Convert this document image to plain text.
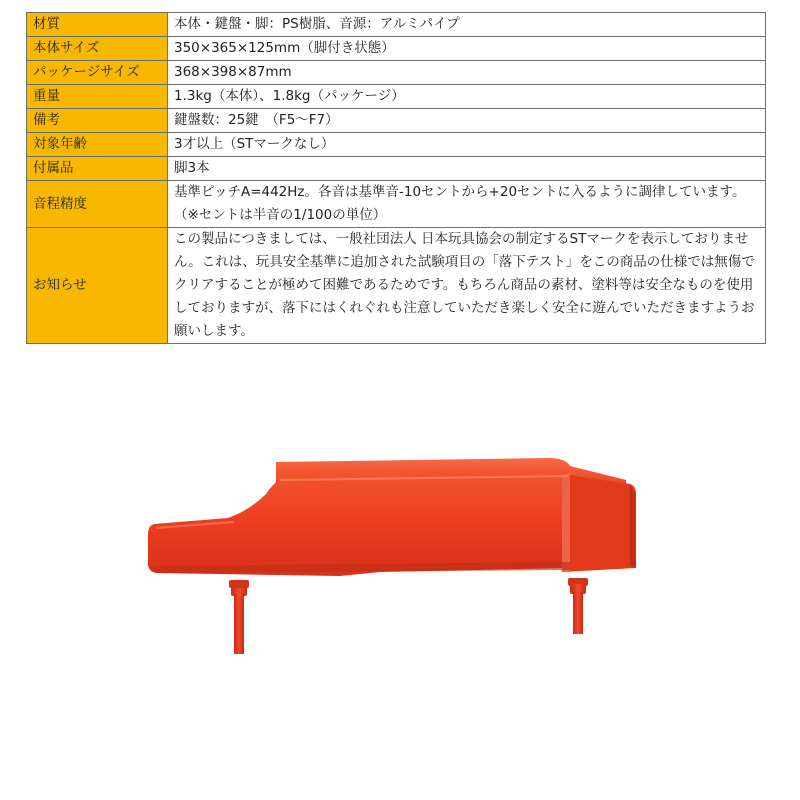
材質	本体・鍵盤・脚：PS樹脂、音源：アルミパイプ
本体サイズ	350×365×125mm（脚付き状態）
パッケージサイズ	368×398×87mm
重量	1.3kg（本体）、1.8kg（パッケージ）
備考	鍵盤数：25鍵　（F5～F7）
対象年齢	3才以上（STマークなし）
付属品	脚3本
音程精度	基準ピッチA=442Hz。各音は基準音-10セントから+20セントに入るように調律しています。（※セントは半音の1/100の単位）
お知らせ	この製品につきましては、一般社団法人 日本玩具協会の制定するSTマークを表示しておりません。これは、玩具安全基準に追加された試験項目の「落下テスト」をこの商品の仕様では無傷でクリアすることが極めて困難であるためです。もちろん商品の素材、塗料等は安全なものを使用しておりますが、落下にはくれぐれも注意していただき楽しく安全に遊んでいただきますようお願いします。
